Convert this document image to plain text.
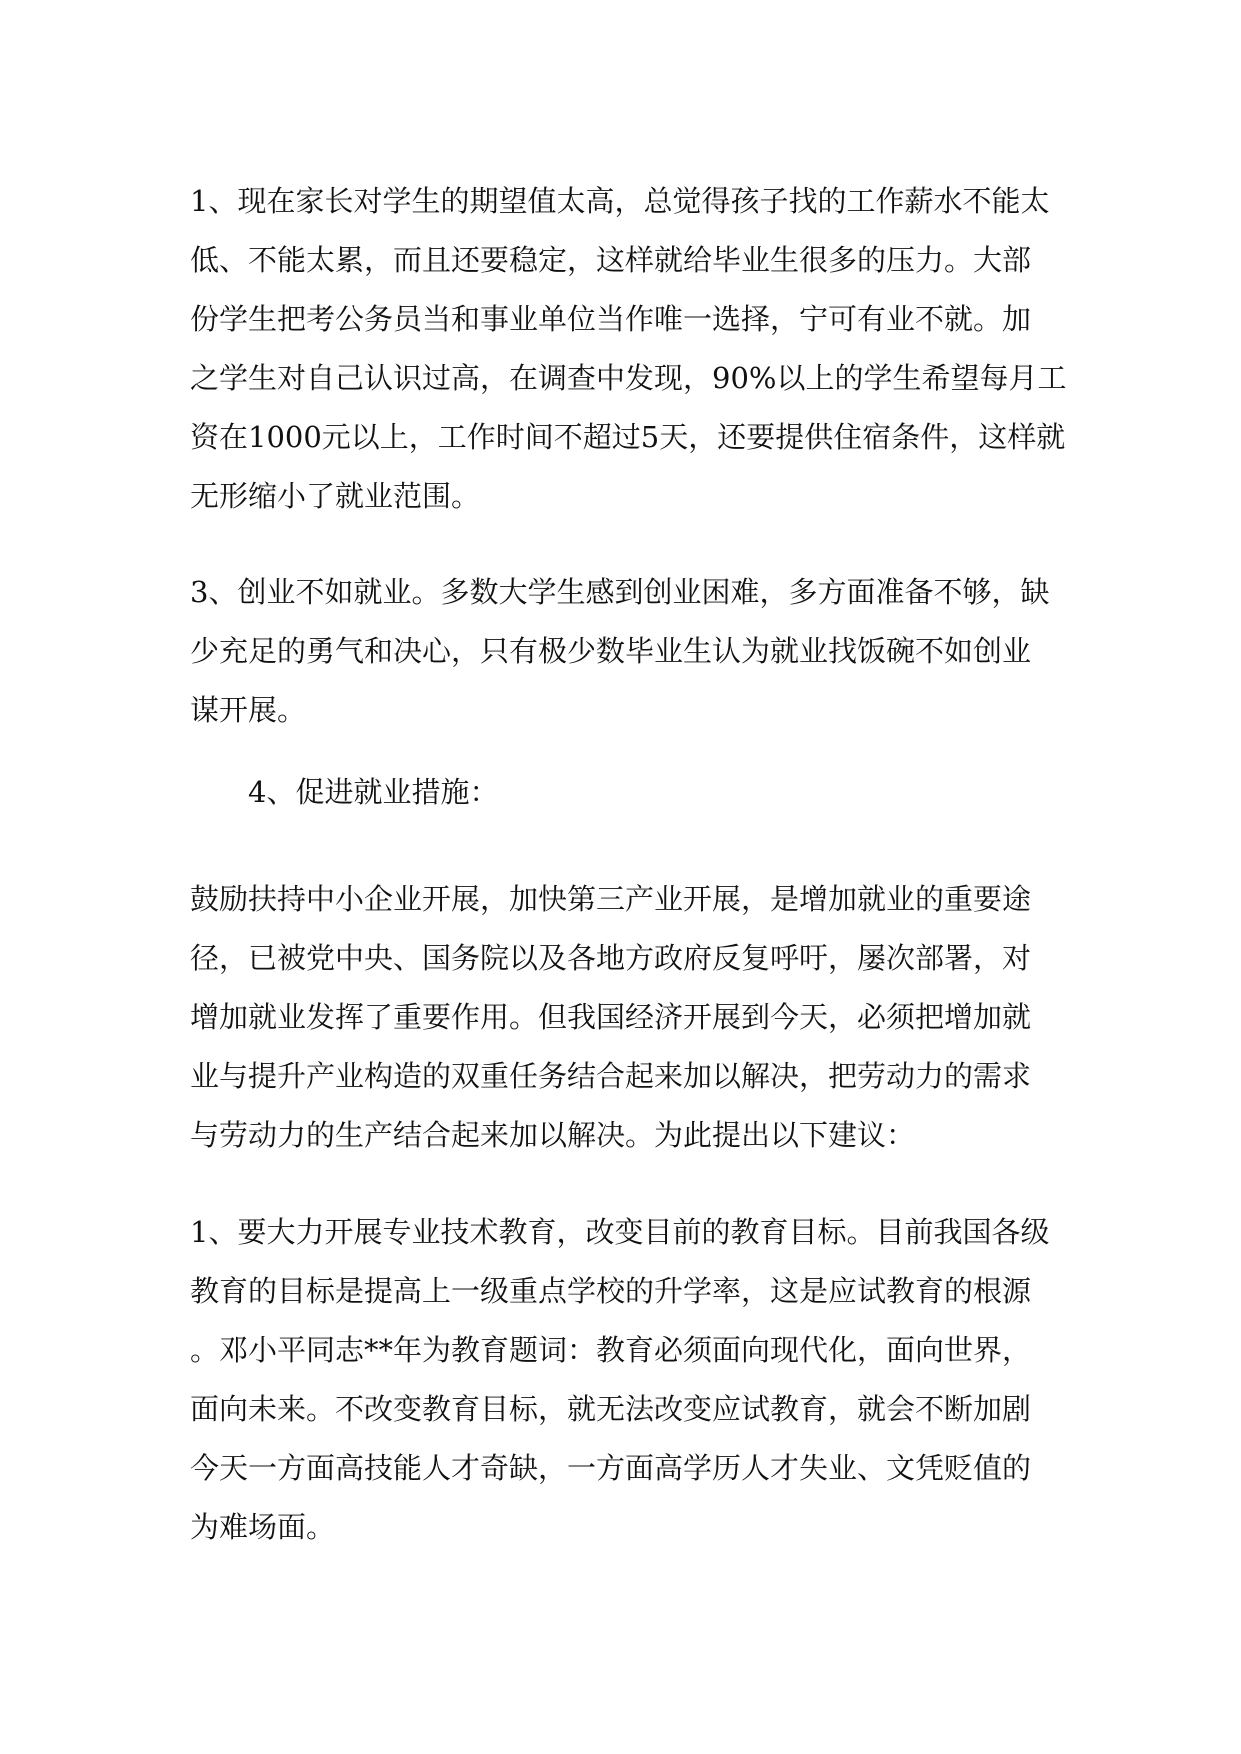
1、现在家长对学生的期望值太高，总觉得孩子找的工作薪水不能太
低、不能太累，而且还要稳定，这样就给毕业生很多的压力。大部
份学生把考公务员当和事业单位当作唯一选择，宁可有业不就。加
之学生对自己认识过高，在调查中发现，90%以上的学生希望每月工
资在1000元以上，工作时间不超过5天，还要提供住宿条件，这样就
无形缩小了就业范围。
3、创业不如就业。多数大学生感到创业困难，多方面准备不够，缺
少充足的勇气和决心，只有极少数毕业生认为就业找饭碗不如创业
谋开展。
4、促进就业措施：
鼓励扶持中小企业开展，加快第三产业开展，是增加就业的重要途
径，已被党中央、国务院以及各地方政府反复呼吁，屡次部署，对
增加就业发挥了重要作用。但我国经济开展到今天，必须把增加就
业与提升产业构造的双重任务结合起来加以解决，把劳动力的需求
与劳动力的生产结合起来加以解决。为此提出以下建议：
1、要大力开展专业技术教育，改变目前的教育目标。目前我国各级
教育的目标是提高上一级重点学校的升学率，这是应试教育的根源
。邓小平同志**年为教育题词：教育必须面向现代化，面向世界，
面向未来。不改变教育目标，就无法改变应试教育，就会不断加剧
今天一方面高技能人才奇缺，一方面高学历人才失业、文凭贬值的
为难场面。
